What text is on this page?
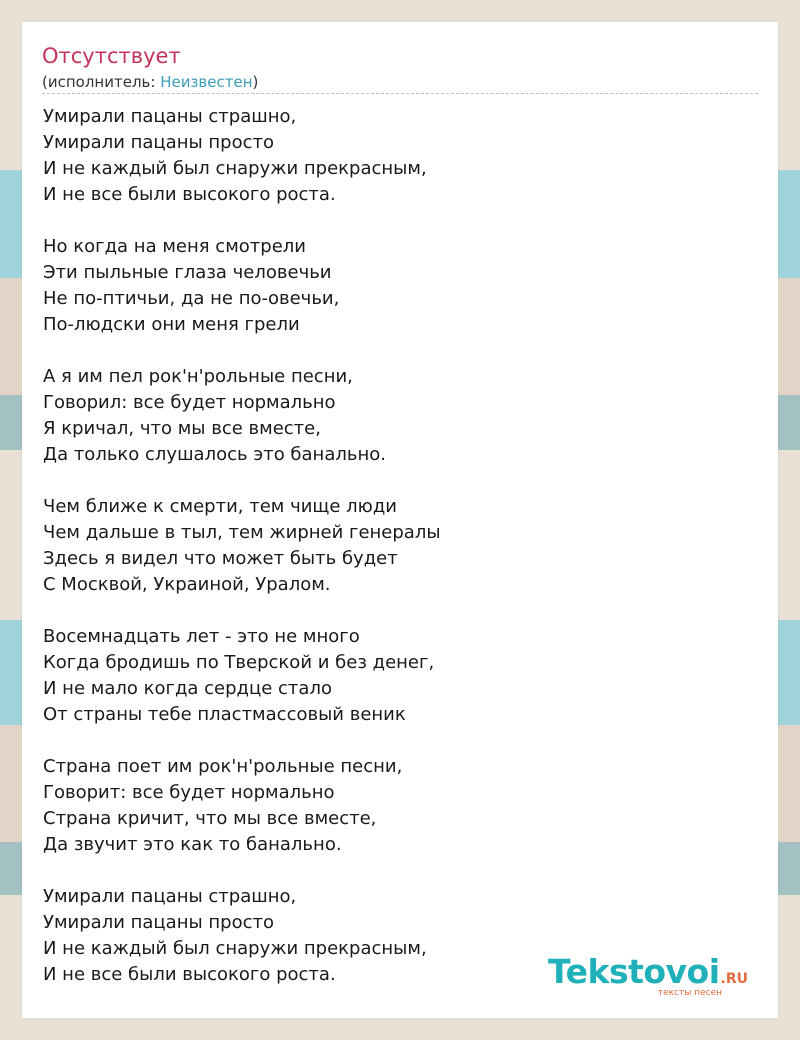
Отсутствует
(исполнитель: Неизвестен)
Умирали пацаны страшно,
Умирали пацаны просто
И не каждый был снаружи прекрасным,
И не все были высокого роста.
Но когда на меня смотрели
Эти пыльные глаза человечьи
Не по-птичьи, да не по-овечьи,
По-людски они меня грели
А я им пел рок'н'рольные песни,
Говорил: все будет нормально
Я кричал, что мы все вместе,
Да только слушалось это банально.
Чем ближе к смерти, тем чище люди
Чем дальше в тыл, тем жирней генералы
Здесь я видел что может быть будет
С Москвой, Украиной, Уралом.
Восемнадцать лет - это не много
Когда бродишь по Тверской и без денег,
И не мало когда сердце стало
От страны тебе пластмассовый веник
Страна поет им рок'н'рольные песни,
Говорит: все будет нормально
Страна кричит, что мы все вместе,
Да звучит это как то банально.
Умирали пацаны страшно,
Умирали пацаны просто
И не каждый был снаружи прекрасным,
И не все были высокого роста.	Tekstovoi.RU
тексты песен
